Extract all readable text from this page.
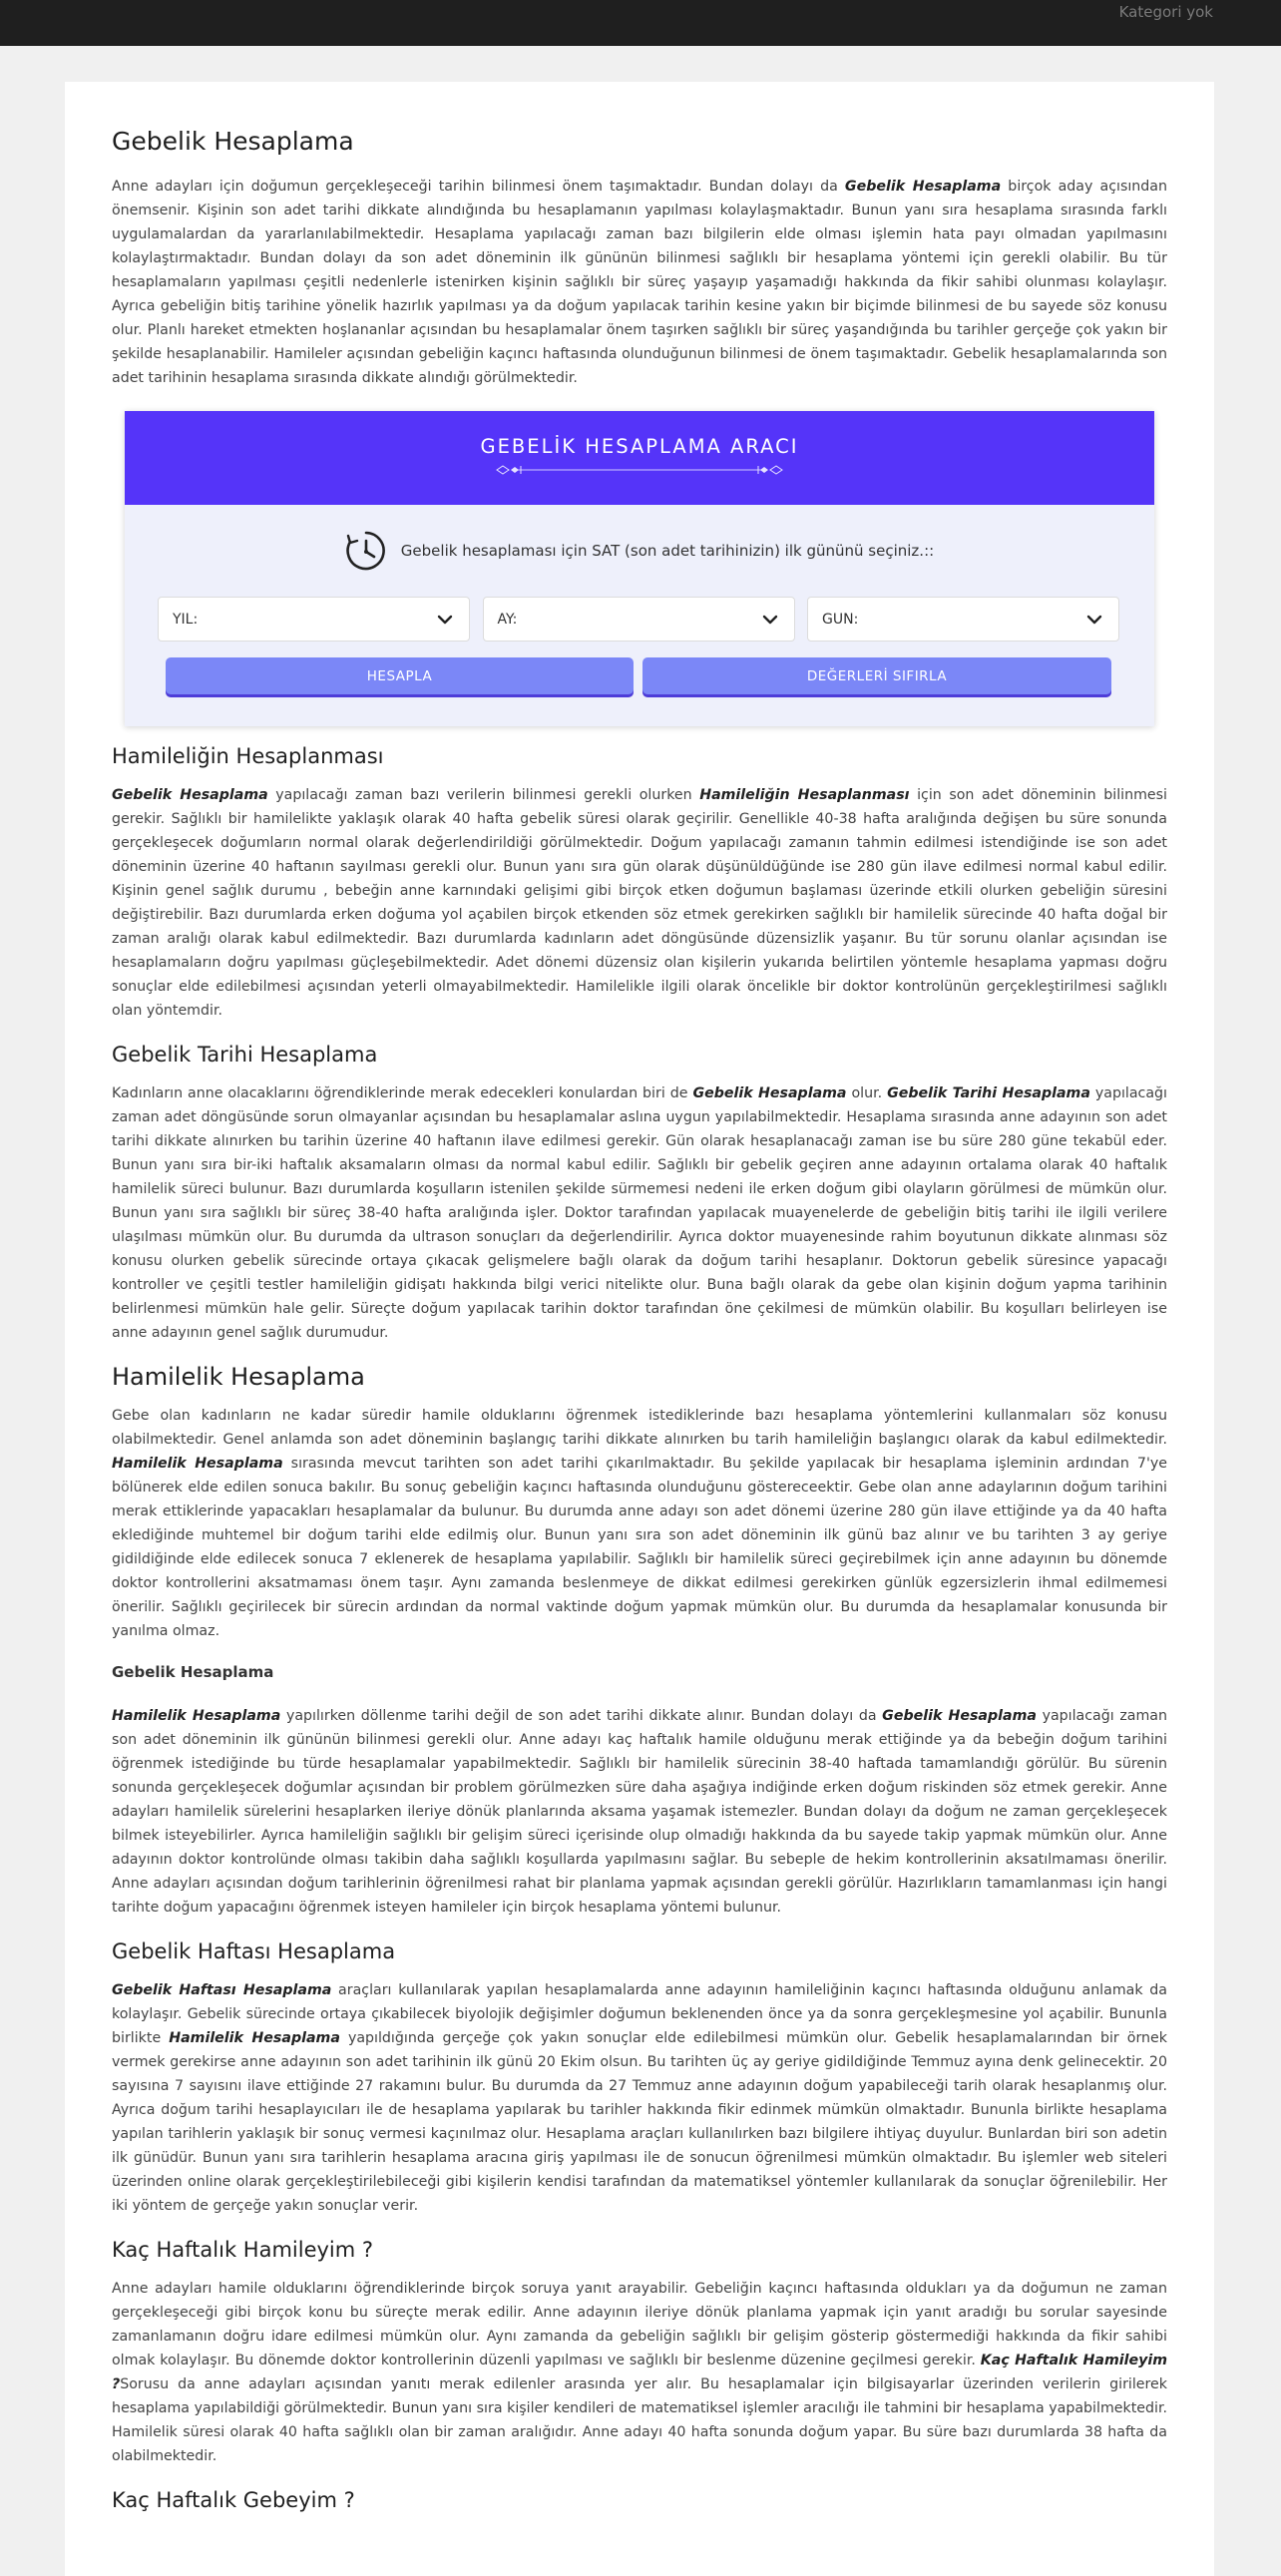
Kategori yok
Gebelik Hesaplama

Anne adayları için doğumun gerçekleşeceği tarihin bilinmesi önem taşımaktadır. Bundan dolayı da Gebelik Hesaplama birçok aday açısından önemsenir. Kişinin son adet tarihi dikkate alındığında bu hesaplamanın yapılması kolaylaşmaktadır. Bunun yanı sıra hesaplama sırasında farklı uygulamalardan da yararlanılabilmektedir. Hesaplama yapılacağı zaman bazı bilgilerin elde olması işlemin hata payı olmadan yapılmasını kolaylaştırmaktadır. Bundan dolayı da son adet döneminin ilk gününün bilinmesi sağlıklı bir hesaplama yöntemi için gerekli olabilir. Bu tür hesaplamaların yapılması çeşitli nedenlerle istenirken kişinin sağlıklı bir süreç yaşayıp yaşamadığı hakkında da fikir sahibi olunması kolaylaşır. Ayrıca gebeliğin bitiş tarihine yönelik hazırlık yapılması ya da doğum yapılacak tarihin kesine yakın bir biçimde bilinmesi de bu sayede söz konusu olur. Planlı hareket etmekten hoşlananlar açısından bu hesaplamalar önem taşırken sağlıklı bir süreç yaşandığında bu tarihler gerçeğe çok yakın bir şekilde hesaplanabilir. Hamileler açısından gebeliğin kaçıncı haftasında olunduğunun bilinmesi de önem taşımaktadır. Gebelik hesaplamalarında son adet tarihinin hesaplama sırasında dikkate alındığı görülmektedir.

GEBELİK HESAPLAMA ARACI
Gebelik hesaplaması için SAT (son adet tarihinizin) ilk gününü seçiniz.::
YIL:	AY:	GUN:
HESAPLA	DEĞERLERİ SIFIRLA
Hamileliğin Hesaplanması

Gebelik Hesaplama yapılacağı zaman bazı verilerin bilinmesi gerekli olurken Hamileliğin Hesaplanması için son adet döneminin bilinmesi gerekir. Sağlıklı bir hamilelikte yaklaşık olarak 40 hafta gebelik süresi olarak geçirilir. Genellikle 40-38 hafta aralığında değişen bu süre sonunda gerçekleşecek doğumların normal olarak değerlendirildiği görülmektedir. Doğum yapılacağı zamanın tahmin edilmesi istendiğinde ise son adet döneminin üzerine 40 haftanın sayılması gerekli olur. Bunun yanı sıra gün olarak düşünüldüğünde ise 280 gün ilave edilmesi normal kabul edilir. Kişinin genel sağlık durumu , bebeğin anne karnındaki gelişimi gibi birçok etken doğumun başlaması üzerinde etkili olurken gebeliğin süresini değiştirebilir. Bazı durumlarda erken doğuma yol açabilen birçok etkenden söz etmek gerekirken sağlıklı bir hamilelik sürecinde 40 hafta doğal bir zaman aralığı olarak kabul edilmektedir. Bazı durumlarda kadınların adet döngüsünde düzensizlik yaşanır. Bu tür sorunu olanlar açısından ise hesaplamaların doğru yapılması güçleşebilmektedir. Adet dönemi düzensiz olan kişilerin yukarıda belirtilen yöntemle hesaplama yapması doğru sonuçlar elde edilebilmesi açısından yeterli olmayabilmektedir. Hamilelikle ilgili olarak öncelikle bir doktor kontrolünün gerçekleştirilmesi sağlıklı olan yöntemdir.

Gebelik Tarihi Hesaplama

Kadınların anne olacaklarını öğrendiklerinde merak edecekleri konulardan biri de Gebelik Hesaplama olur. Gebelik Tarihi Hesaplama yapılacağı zaman adet döngüsünde sorun olmayanlar açısından bu hesaplamalar aslına uygun yapılabilmektedir. Hesaplama sırasında anne adayının son adet tarihi dikkate alınırken bu tarihin üzerine 40 haftanın ilave edilmesi gerekir. Gün olarak hesaplanacağı zaman ise bu süre 280 güne tekabül eder. Bunun yanı sıra bir-iki haftalık aksamaların olması da normal kabul edilir. Sağlıklı bir gebelik geçiren anne adayının ortalama olarak 40 haftalık hamilelik süreci bulunur. Bazı durumlarda koşulların istenilen şekilde sürmemesi nedeni ile erken doğum gibi olayların görülmesi de mümkün olur. Bunun yanı sıra sağlıklı bir süreç 38-40 hafta aralığında işler. Doktor tarafından yapılacak muayenelerde de gebeliğin bitiş tarihi ile ilgili verilere ulaşılması mümkün olur. Bu durumda da ultrason sonuçları da değerlendirilir. Ayrıca doktor muayenesinde rahim boyutunun dikkate alınması söz konusu olurken gebelik sürecinde ortaya çıkacak gelişmelere bağlı olarak da doğum tarihi hesaplanır. Doktorun gebelik süresince yapacağı kontroller ve çeşitli testler hamileliğin gidişatı hakkında bilgi verici nitelikte olur. Buna bağlı olarak da gebe olan kişinin doğum yapma tarihinin belirlenmesi mümkün hale gelir. Süreçte doğum yapılacak tarihin doktor tarafından öne çekilmesi de mümkün olabilir. Bu koşulları belirleyen ise anne adayının genel sağlık durumudur.

Hamilelik Hesaplama

Gebe olan kadınların ne kadar süredir hamile olduklarını öğrenmek istediklerinde bazı hesaplama yöntemlerini kullanmaları söz konusu olabilmektedir. Genel anlamda son adet döneminin başlangıç tarihi dikkate alınırken bu tarih hamileliğin başlangıcı olarak da kabul edilmektedir. Hamilelik Hesaplama sırasında mevcut tarihten son adet tarihi çıkarılmaktadır. Bu şekilde yapılacak bir hesaplama işleminin ardından 7'ye bölünerek elde edilen sonuca bakılır. Bu sonuç gebeliğin kaçıncı haftasında olunduğunu göstereceektir. Gebe olan anne adaylarının doğum tarihini merak ettiklerinde yapacakları hesaplamalar da bulunur. Bu durumda anne adayı son adet dönemi üzerine 280 gün ilave ettiğinde ya da 40 hafta eklediğinde muhtemel bir doğum tarihi elde edilmiş olur. Bunun yanı sıra son adet döneminin ilk günü baz alınır ve bu tarihten 3 ay geriye gidildiğinde elde edilecek sonuca 7 eklenerek de hesaplama yapılabilir. Sağlıklı bir hamilelik süreci geçirebilmek için anne adayının bu dönemde doktor kontrollerini aksatmaması önem taşır. Aynı zamanda beslenmeye de dikkat edilmesi gerekirken günlük egzersizlerin ihmal edilmemesi önerilir. Sağlıklı geçirilecek bir sürecin ardından da normal vaktinde doğum yapmak mümkün olur. Bu durumda da hesaplamalar konusunda bir yanılma olmaz.

Gebelik Hesaplama

Hamilelik Hesaplama yapılırken döllenme tarihi değil de son adet tarihi dikkate alınır. Bundan dolayı da Gebelik Hesaplama yapılacağı zaman son adet döneminin ilk gününün bilinmesi gerekli olur. Anne adayı kaç haftalık hamile olduğunu merak ettiğinde ya da bebeğin doğum tarihini öğrenmek istediğinde bu türde hesaplamalar yapabilmektedir. Sağlıklı bir hamilelik sürecinin 38-40 haftada tamamlandığı görülür. Bu sürenin sonunda gerçekleşecek doğumlar açısından bir problem görülmezken süre daha aşağıya indiğinde erken doğum riskinden söz etmek gerekir. Anne adayları hamilelik sürelerini hesaplarken ileriye dönük planlarında aksama yaşamak istemezler. Bundan dolayı da doğum ne zaman gerçekleşecek bilmek isteyebilirler. Ayrıca hamileliğin sağlıklı bir gelişim süreci içerisinde olup olmadığı hakkında da bu sayede takip yapmak mümkün olur. Anne adayının doktor kontrolünde olması takibin daha sağlıklı koşullarda yapılmasını sağlar. Bu sebeple de hekim kontrollerinin aksatılmaması önerilir. Anne adayları açısından doğum tarihlerinin öğrenilmesi rahat bir planlama yapmak açısından gerekli görülür. Hazırlıkların tamamlanması için hangi tarihte doğum yapacağını öğrenmek isteyen hamileler için birçok hesaplama yöntemi bulunur.

Gebelik Haftası Hesaplama

Gebelik Haftası Hesaplama araçları kullanılarak yapılan hesaplamalarda anne adayının hamileliğinin kaçıncı haftasında olduğunu anlamak da kolaylaşır. Gebelik sürecinde ortaya çıkabilecek biyolojik değişimler doğumun beklenenden önce ya da sonra gerçekleşmesine yol açabilir. Bununla birlikte Hamilelik Hesaplama yapıldığında gerçeğe çok yakın sonuçlar elde edilebilmesi mümkün olur. Gebelik hesaplamalarından bir örnek vermek gerekirse anne adayının son adet tarihinin ilk günü 20 Ekim olsun. Bu tarihten üç ay geriye gidildiğinde Temmuz ayına denk gelinecektir. 20 sayısına 7 sayısını ilave ettiğinde 27 rakamını bulur. Bu durumda da 27 Temmuz anne adayının doğum yapabileceği tarih olarak hesaplanmış olur. Ayrıca doğum tarihi hesaplayıcıları ile de hesaplama yapılarak bu tarihler hakkında fikir edinmek mümkün olmaktadır. Bununla birlikte hesaplama yapılan tarihlerin yaklaşık bir sonuç vermesi kaçınılmaz olur. Hesaplama araçları kullanılırken bazı bilgilere ihtiyaç duyulur. Bunlardan biri son adetin ilk günüdür. Bunun yanı sıra tarihlerin hesaplama aracına giriş yapılması ile de sonucun öğrenilmesi mümkün olmaktadır. Bu işlemler web siteleri üzerinden online olarak gerçekleştirilebileceği gibi kişilerin kendisi tarafından da matematiksel yöntemler kullanılarak da sonuçlar öğrenilebilir. Her iki yöntem de gerçeğe yakın sonuçlar verir.

Kaç Haftalık Hamileyim ?

Anne adayları hamile olduklarını öğrendiklerinde birçok soruya yanıt arayabilir. Gebeliğin kaçıncı haftasında oldukları ya da doğumun ne zaman gerçekleşeceği gibi birçok konu bu süreçte merak edilir. Anne adayının ileriye dönük planlama yapmak için yanıt aradığı bu sorular sayesinde zamanlamanın doğru idare edilmesi mümkün olur. Aynı zamanda da gebeliğin sağlıklı bir gelişim gösterip göstermediği hakkında da fikir sahibi olmak kolaylaşır. Bu dönemde doktor kontrollerinin düzenli yapılması ve sağlıklı bir beslenme düzenine geçilmesi gerekir. Kaç Haftalık Hamileyim ?Sorusu da anne adayları açısından yanıtı merak edilenler arasında yer alır. Bu hesaplamalar için bilgisayarlar üzerinden verilerin girilerek hesaplama yapılabildiği görülmektedir. Bunun yanı sıra kişiler kendileri de matematiksel işlemler aracılığı ile tahmini bir hesaplama yapabilmektedir. Hamilelik süresi olarak 40 hafta sağlıklı olan bir zaman aralığıdır. Anne adayı 40 hafta sonunda doğum yapar. Bu süre bazı durumlarda 38 hafta da olabilmektedir.

Kaç Haftalık Gebeyim ?
